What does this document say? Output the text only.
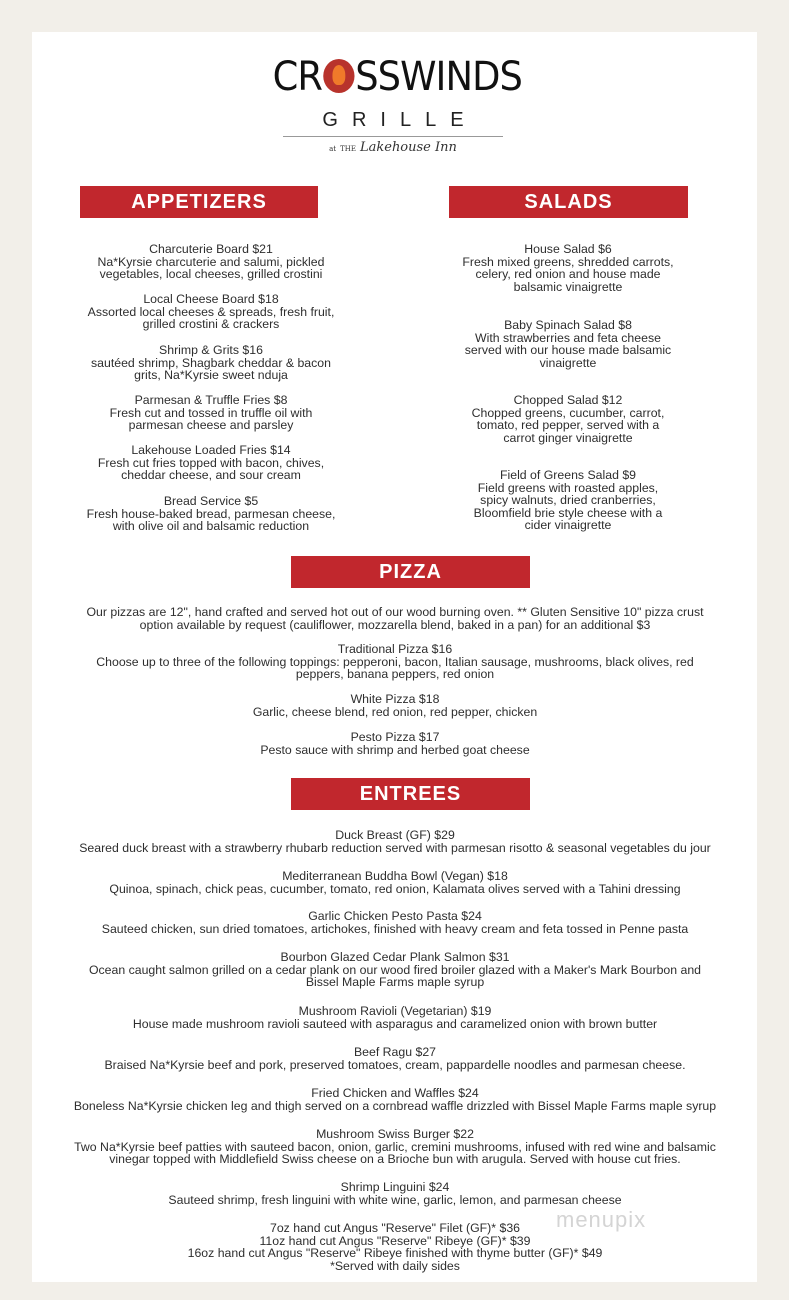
CR SSWINDS
GRILLE
at THE Lakehouse Inn
APPETIZERS	SALADS
PIZZA
ENTREES
Charcuterie Board $21
Na*Kyrsie charcuterie and salumi, pickled
vegetables, local cheeses, grilled crostini
Local Cheese Board $18
Assorted local cheeses & spreads, fresh fruit,
grilled crostini & crackers
Shrimp & Grits $16
sautéed shrimp, Shagbark cheddar & bacon
grits, Na*Kyrsie sweet nduja
Parmesan & Truffle Fries $8
Fresh cut and tossed in truffle oil with
parmesan cheese and parsley
Lakehouse Loaded Fries $14
Fresh cut fries topped with bacon, chives,
cheddar cheese, and sour cream
Bread Service $5
Fresh house-baked bread, parmesan cheese,
with olive oil and balsamic reduction
House Salad $6
Fresh mixed greens, shredded carrots,
celery, red onion and house made
balsamic vinaigrette
Baby Spinach Salad $8
With strawberries and feta cheese
served with our house made balsamic
vinaigrette
Chopped Salad $12
Chopped greens, cucumber, carrot,
tomato, red pepper, served with a
carrot ginger vinaigrette
Field of Greens Salad $9
Field greens with roasted apples,
spicy walnuts, dried cranberries,
Bloomfield brie style cheese with a
cider vinaigrette
Our pizzas are 12", hand crafted and served hot out of our wood burning oven. ** Gluten Sensitive 10" pizza crust
option available by request (cauliflower, mozzarella blend, baked in a pan) for an additional $3
Traditional Pizza $16
Choose up to three of the following toppings: pepperoni, bacon, Italian sausage, mushrooms, black olives, red
peppers, banana peppers, red onion
White Pizza $18
Garlic, cheese blend, red onion, red pepper, chicken
Pesto Pizza $17
Pesto sauce with shrimp and herbed goat cheese
Duck Breast (GF) $29
Seared duck breast with a strawberry rhubarb reduction served with parmesan risotto & seasonal vegetables du jour
Mediterranean Buddha Bowl (Vegan) $18
Quinoa, spinach, chick peas, cucumber, tomato, red onion, Kalamata olives served with a Tahini dressing
Garlic Chicken Pesto Pasta $24
Sauteed chicken, sun dried tomatoes, artichokes, finished with heavy cream and feta tossed in Penne pasta
Bourbon Glazed Cedar Plank Salmon $31
Ocean caught salmon grilled on a cedar plank on our wood fired broiler glazed with a Maker's Mark Bourbon and
Bissel Maple Farms maple syrup
Mushroom Ravioli (Vegetarian) $19
House made mushroom ravioli sauteed with asparagus and caramelized onion with brown butter
Beef Ragu $27
Braised Na*Kyrsie beef and pork, preserved tomatoes, cream, pappardelle noodles and parmesan cheese.
Fried Chicken and Waffles $24
Boneless Na*Kyrsie chicken leg and thigh served on a cornbread waffle drizzled with Bissel Maple Farms maple syrup
Mushroom Swiss Burger $22
Two Na*Kyrsie beef patties with sauteed bacon, onion, garlic, cremini mushrooms, infused with red wine and balsamic
vinegar topped with Middlefield Swiss cheese on a Brioche bun with arugula. Served with house cut fries.
Shrimp Linguini $24
Sauteed shrimp, fresh linguini with white wine, garlic, lemon, and parmesan cheese
7oz hand cut Angus "Reserve" Filet (GF)* $36
11oz hand cut Angus "Reserve" Ribeye (GF)* $39
16oz hand cut Angus "Reserve" Ribeye finished with thyme butter (GF)* $49
*Served with daily sides
menupix
